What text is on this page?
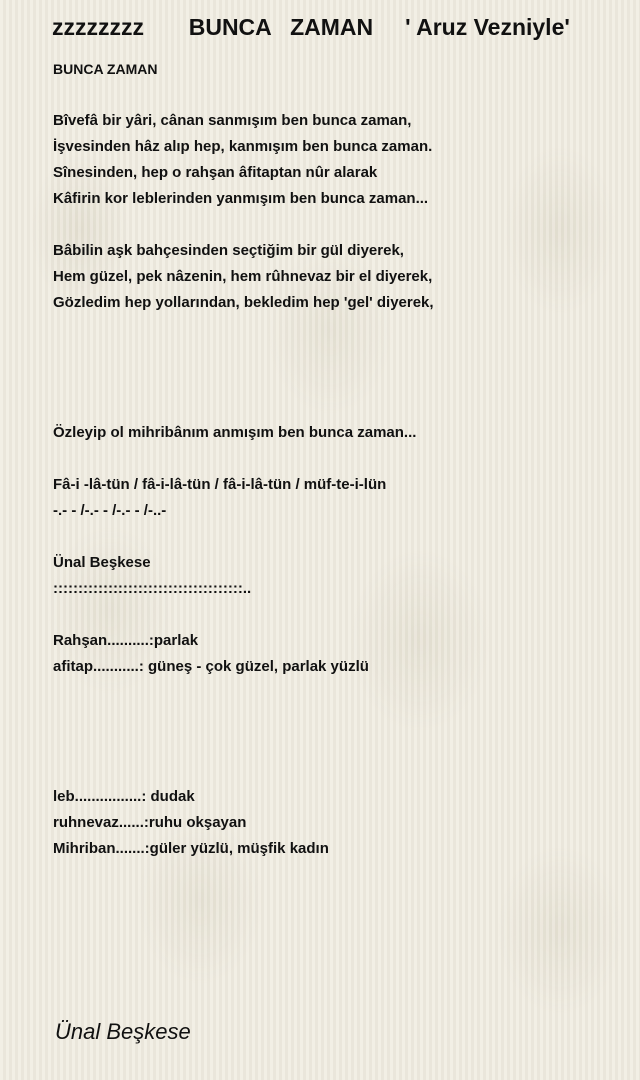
zzzzzzzz       BUNCA   ZAMAN     ' Aruz Vezniyle'
BUNCA ZAMAN
Bîvefâ bir yâri, cânan sanmışım ben bunca zaman,
İşvesinden hâz alıp hep, kanmışım ben bunca zaman.
Sînesinden, hep o rahşan âfitaptan nûr alarak
Kâfirin kor leblerinden yanmışım ben bunca zaman...
Bâbilin aşk bahçesinden seçtiğim bir gül diyerek,
Hem güzel, pek nâzenin, hem rûhnevaz bir el diyerek,
Gözledim hep yollarından, bekledim hep 'gel' diyerek,
Özleyip ol mihribânım anmışım ben bunca zaman...
Fâ-i -lâ-tün / fâ-i-lâ-tün / fâ-i-lâ-tün / müf-te-i-lün
-.- - /-.- - /-.- - /-..-
Ünal Beşkese
::::::::::::::::::::::::::::::::::::::..
Rahşan..........:parlak
afitap...........: güneş - çok güzel, parlak yüzlü
leb................: dudak
ruhnevaz......:ruhu okşayan
Mihriban.......:güler yüzlü, müşfik kadın
Ünal Beşkese
